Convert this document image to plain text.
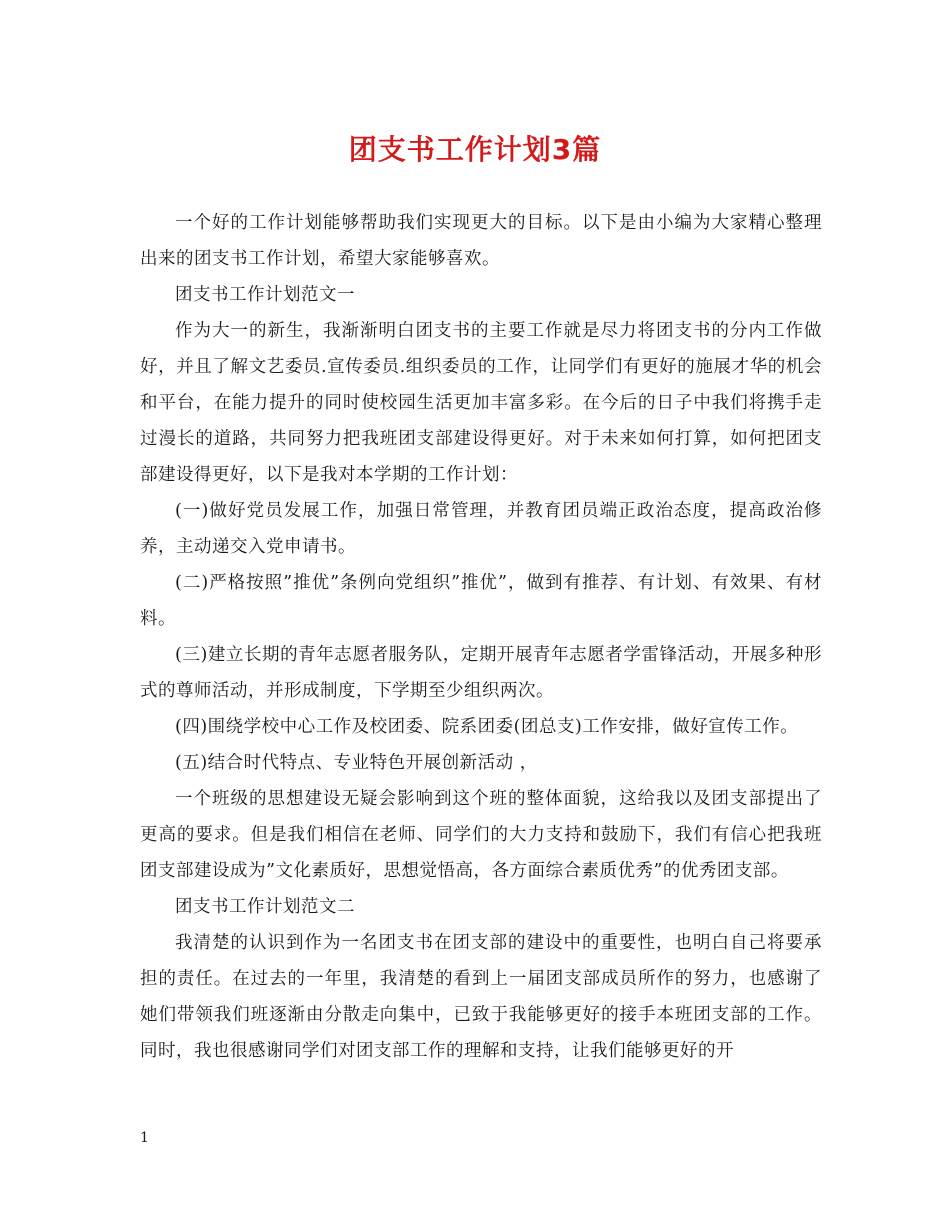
团支书工作计划3篇

一个好的工作计划能够帮助我们实现更大的目标。以下是由小编为大家精心整理出来的团支书工作计划，希望大家能够喜欢。

团支书工作计划范文一

作为大一的新生，我渐渐明白团支书的主要工作就是尽力将团支书的分内工作做好，并且了解文艺委员.宣传委员.组织委员的工作，让同学们有更好的施展才华的机会和平台，在能力提升的同时使校园生活更加丰富多彩。在今后的日子中我们将携手走过漫长的道路，共同努力把我班团支部建设得更好。对于未来如何打算，如何把团支部建设得更好，以下是我对本学期的工作计划：

(一)做好党员发展工作，加强日常管理，并教育团员端正政治态度，提高政治修养，主动递交入党申请书。

(二)严格按照”推优”条例向党组织”推优”，做到有推荐、有计划、有效果、有材料。

(三)建立长期的青年志愿者服务队，定期开展青年志愿者学雷锋活动，开展多种形式的尊师活动，并形成制度，下学期至少组织两次。

(四)围绕学校中心工作及校团委、院系团委(团总支)工作安排，做好宣传工作。

(五)结合时代特点、专业特色开展创新活动 ，

一个班级的思想建设无疑会影响到这个班的整体面貌，这给我以及团支部提出了更高的要求。但是我们相信在老师、同学们的大力支持和鼓励下，我们有信心把我班团支部建设成为”文化素质好，思想觉悟高，各方面综合素质优秀”的优秀团支部。

团支书工作计划范文二

我清楚的认识到作为一名团支书在团支部的建设中的重要性，也明白自己将要承担的责任。在过去的一年里，我清楚的看到上一届团支部成员所作的努力，也感谢了她们带领我们班逐渐由分散走向集中，已致于我能够更好的接手本班团支部的工作。同时，我也很感谢同学们对团支部工作的理解和支持，让我们能够更好的开

1
